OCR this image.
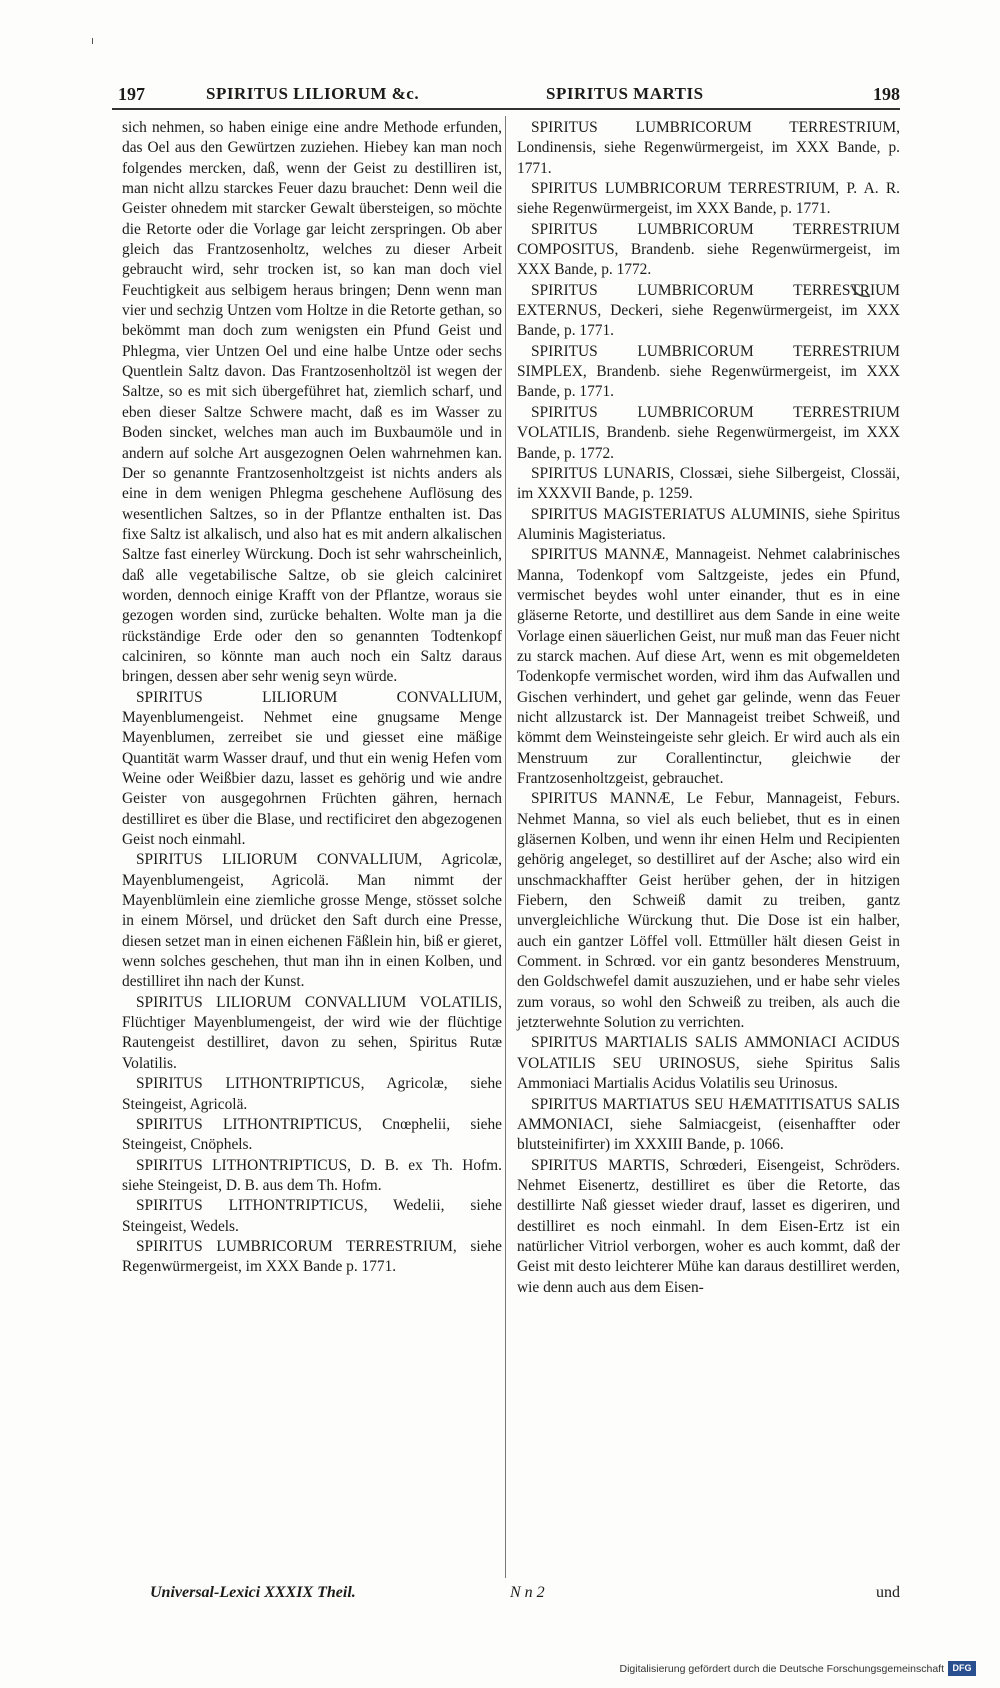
197	SPIRITUS LILIORUM &c.	SPIRITUS MARTIS	198

sich nehmen, so haben einige eine andre Methode erfunden, das Oel aus den Gewürtzen zuziehen. Hiebey kan man noch folgendes mercken, daß, wenn der Geist zu destilliren ist, man nicht allzu starckes Feuer dazu brauchet: Denn weil die Geister ohnedem mit starcker Gewalt übersteigen, so möchte die Retorte oder die Vorlage gar leicht zerspringen. Ob aber gleich das Frantzosenholtz, welches zu dieser Arbeit gebraucht wird, sehr trocken ist, so kan man doch viel Feuchtigkeit aus selbigem heraus bringen; Denn wenn man vier und sechzig Untzen vom Holtze in die Retorte gethan, so bekömmt man doch zum wenigsten ein Pfund Geist und Phlegma, vier Untzen Oel und eine halbe Untze oder sechs Quentlein Saltz davon. Das Frantzosenholtzöl ist wegen der Saltze, so es mit sich übergeführet hat, ziemlich scharf, und eben dieser Saltze Schwere macht, daß es im Wasser zu Boden sincket, welches man auch im Buxbaumöle und in andern auf solche Art ausgezognen Oelen wahrnehmen kan. Der so genannte Frantzosenholtzgeist ist nichts anders als eine in dem wenigen Phlegma geschehene Auflösung des wesentlichen Saltzes, so in der Pflantze enthalten ist. Das fixe Saltz ist alkalisch, und also hat es mit andern alkalischen Saltze fast einerley Würckung. Doch ist sehr wahrscheinlich, daß alle vegetabilische Saltze, ob sie gleich calciniret worden, dennoch einige Krafft von der Pflantze, woraus sie gezogen worden sind, zurücke behalten. Wolte man ja die rückständige Erde oder den so genannten Todtenkopf calciniren, so könnte man auch noch ein Saltz daraus bringen, dessen aber sehr wenig seyn würde.

SPIRITUS LILIORUM CONVALLIUM, Mayenblumengeist. Nehmet eine gnugsame Menge Mayenblumen, zerreibet sie und giesset eine mäßige Quantität warm Wasser drauf, und thut ein wenig Hefen vom Weine oder Weißbier dazu, lasset es gehörig und wie andre Geister von ausgegohrnen Früchten gähren, hernach destilliret es über die Blase, und rectificiret den abgezogenen Geist noch einmahl.

SPIRITUS LILIORUM CONVALLIUM, Agricolæ, Mayenblumengeist, Agricolä. Man nimmt der Mayenblümlein eine ziemliche grosse Menge, stösset solche in einem Mörsel, und drücket den Saft durch eine Presse, diesen setzet man in einen eichenen Fäßlein hin, biß er gieret, wenn solches geschehen, thut man ihn in einen Kolben, und destilliret ihn nach der Kunst.

SPIRITUS LILIORUM CONVALLIUM VOLATILIS, Flüchtiger Mayenblumengeist, der wird wie der flüchtige Rautengeist destilliret, davon zu sehen, Spiritus Rutæ Volatilis.

SPIRITUS LITHONTRIPTICUS, Agricolæ, siehe Steingeist, Agricolä.

SPIRITUS LITHONTRIPTICUS, Cnœphelii, siehe Steingeist, Cnöphels.

SPIRITUS LITHONTRIPTICUS, D. B. ex Th. Hofm. siehe Steingeist, D. B. aus dem Th. Hofm.

SPIRITUS LITHONTRIPTICUS, Wedelii, siehe Steingeist, Wedels.

SPIRITUS LUMBRICORUM TERRESTRIUM, siehe Regenwürmergeist, im XXX Bande p. 1771.

SPIRITUS LUMBRICORUM TERRESTRIUM, Londinensis, siehe Regenwürmergeist, im XXX Bande, p. 1771.

SPIRITUS LUMBRICORUM TERRESTRIUM, P. A. R. siehe Regenwürmergeist, im XXX Bande, p. 1771.

SPIRITUS LUMBRICORUM TERRESTRIUM COMPOSITUS, Brandenb. siehe Regenwürmergeist, im XXX Bande, p. 1772.

SPIRITUS LUMBRICORUM TERRESTRIUM EXTERNUS, Deckeri, siehe Regenwürmergeist, im XXX Bande, p. 1771.

SPIRITUS LUMBRICORUM TERRESTRIUM SIMPLEX, Brandenb. siehe Regenwürmergeist, im XXX Bande, p. 1771.

SPIRITUS LUMBRICORUM TERRESTRIUM VOLATILIS, Brandenb. siehe Regenwürmergeist, im XXX Bande, p. 1772.

SPIRITUS LUNARIS, Clossæi, siehe Silbergeist, Clossäi, im XXXVII Bande, p. 1259.

SPIRITUS MAGISTERIATUS ALUMINIS, siehe Spiritus Aluminis Magisteriatus.

SPIRITUS MANNÆ, Mannageist. Nehmet calabrinisches Manna, Todenkopf vom Saltzgeiste, jedes ein Pfund, vermischet beydes wohl unter einander, thut es in eine gläserne Retorte, und destilliret aus dem Sande in eine weite Vorlage einen säuerlichen Geist, nur muß man das Feuer nicht zu starck machen. Auf diese Art, wenn es mit obgemeldeten Todenkopfe vermischet worden, wird ihm das Aufwallen und Gischen verhindert, und gehet gar gelinde, wenn das Feuer nicht allzustarck ist. Der Mannageist treibet Schweiß, und kömmt dem Weinsteingeiste sehr gleich. Er wird auch als ein Menstruum zur Corallentinctur, gleichwie der Frantzosenholtzgeist, gebrauchet.

SPIRITUS MANNÆ, Le Febur, Mannageist, Feburs. Nehmet Manna, so viel als euch beliebet, thut es in einen gläsernen Kolben, und wenn ihr einen Helm und Recipienten gehörig angeleget, so destilliret auf der Asche; also wird ein unschmackhaffter Geist herüber gehen, der in hitzigen Fiebern, den Schweiß damit zu treiben, gantz unvergleichliche Würckung thut. Die Dose ist ein halber, auch ein gantzer Löffel voll. Ettmüller hält diesen Geist in Comment. in Schrœd. vor ein gantz besonderes Menstruum, den Goldschwefel damit auszuziehen, und er habe sehr vieles zum voraus, so wohl den Schweiß zu treiben, als auch die jetzterwehnte Solution zu verrichten.

SPIRITUS MARTIALIS SALIS AMMONIACI ACIDUS VOLATILIS SEU URINOSUS, siehe Spiritus Salis Ammoniaci Martialis Acidus Volatilis seu Urinosus.

SPIRITUS MARTIATUS SEU HÆMATITISATUS SALIS AMMONIACI, siehe Salmiacgeist, (eisenhaffter oder blutsteinifirter) im XXXIII Bande, p. 1066.

SPIRITUS MARTIS, Schrœderi, Eisengeist, Schröders. Nehmet Eisenertz, destilliret es über die Retorte, das destillirte Naß giesset wieder drauf, lasset es digeriren, und destilliret es noch einmahl. In dem Eisen-Ertz ist ein natürlicher Vitriol verborgen, woher es auch kommt, daß der Geist mit desto leichterer Mühe kan daraus destilliret werden, wie denn auch aus dem Eisen-

Universal-Lexici XXXIX Theil.	N n 2	und
Digitalisierung gefördert durch die Deutsche Forschungsgemeinschaft DFG
